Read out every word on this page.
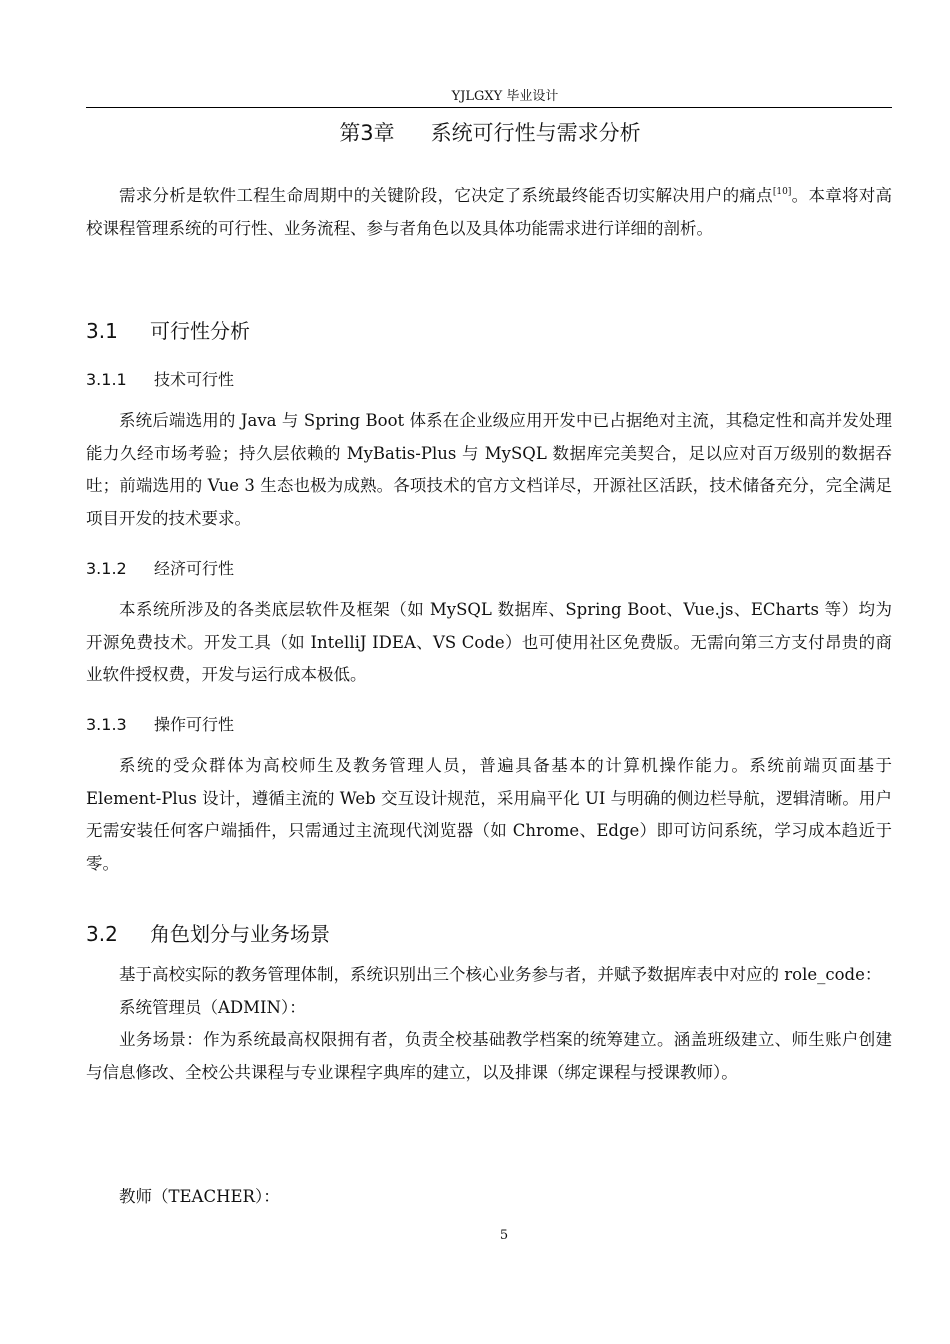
YJLGXY 毕业设计
第3章 系统可行性与需求分析

需求分析是软件工程生命周期中的关键阶段，它决定了系统最终能否切实解决用户的痛点[10]。本章将对高校课程管理系统的可行性、业务流程、参与者角色以及具体功能需求进行详细的剖析。

3.1 可行性分析
3.1.1 技术可行性

系统后端选用的 Java 与 Spring Boot 体系在企业级应用开发中已占据绝对主流，其稳定性和高并发处理能力久经市场考验；持久层依赖的 MyBatis-Plus 与 MySQL 数据库完美契合，足以应对百万级别的数据吞吐；前端选用的 Vue 3 生态也极为成熟。各项技术的官方文档详尽，开源社区活跃，技术储备充分，完全满足项目开发的技术要求。

3.1.2 经济可行性

本系统所涉及的各类底层软件及框架（如 MySQL 数据库、Spring Boot、Vue.js、ECharts 等）均为开源免费技术。开发工具（如 IntelliJ IDEA、VS Code）也可使用社区免费版。无需向第三方支付昂贵的商业软件授权费，开发与运行成本极低。

3.1.3 操作可行性

系统的受众群体为高校师生及教务管理人员，普遍具备基本的计算机操作能力。系统前端页面基于 Element-Plus 设计，遵循主流的 Web 交互设计规范，采用扁平化 UI 与明确的侧边栏导航，逻辑清晰。用户无需安装任何客户端插件，只需通过主流现代浏览器（如 Chrome、Edge）即可访问系统，学习成本趋近于零。

3.2 角色划分与业务场景

基于高校实际的教务管理体制，系统识别出三个核心业务参与者，并赋予数据库表中对应的 role_code：

系统管理员（ADMIN）：

业务场景：作为系统最高权限拥有者，负责全校基础教学档案的统筹建立。涵盖班级建立、师生账户创建与信息修改、全校公共课程与专业课程字典库的建立，以及排课（绑定课程与授课教师）。

教师（TEACHER）：

5
